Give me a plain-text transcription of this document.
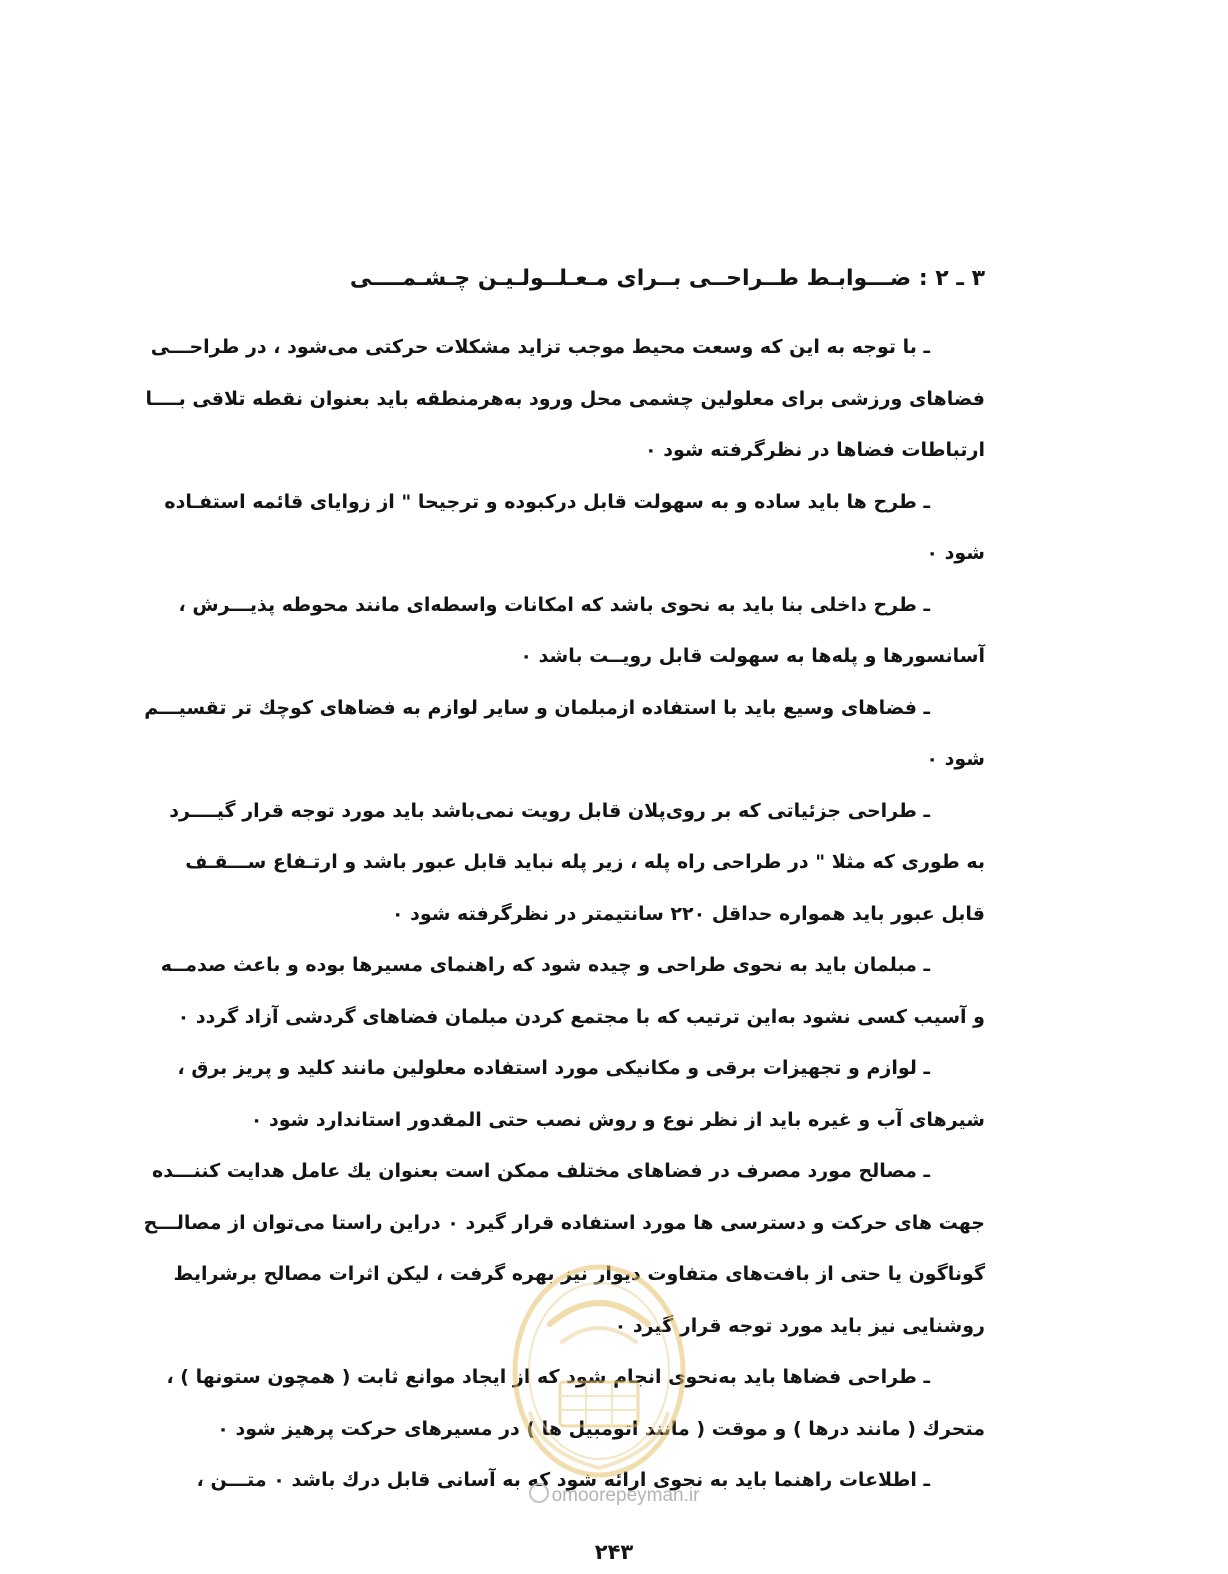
۳ ـ ۲ : ضـــوابـط طــراحــی بــرای مـعـلــولـیـن چـشـمــــی
ـ با توجه به این که وسعت محیط موجب تزاید مشکلات حرکتی می‌شود ، در طراحـــی
فضاهای ورزشی برای معلولین چشمی محل ورود به‌هرمنطقه باید بعنوان نقطه تلاقی بــــا
ارتباطات فضاها در نظرگرفته شود ۰
ـ طرح ها باید ساده و به سهولت قابل درکبوده و ترجیحا " از زوایای قائمه استفـاده
شود ۰
ـ طرح داخلی بنا باید به نحوی باشد که امکانات واسطه‌ای مانند محوطه پذیـــرش ،
آسانسورها و پله‌ها به سهولت قابل رویــت باشد ۰
ـ فضاهای وسیع باید با استفاده ازمبلمان و سایر لوازم به فضاهای کوچك تر تقسیـــم
شود ۰
ـ طراحی جزئیاتی که بر روی‌پلان قابل رویت نمی‌باشد باید مورد توجه قرار گیــــرد
به طوری که مثلا " در طراحی راه پله ، زیر پله نباید قابل عبور باشد و ارتـفاع ســـقـف
قابل عبور باید همواره حداقل ۲۲۰ سانتیمتر در نظرگرفته شود ۰
ـ مبلمان باید به نحوی طراحی و چیده شود که راهنمای مسیرها بوده و باعث صدمــه
و آسیب کسی نشود به‌این ترتیب که با مجتمع کردن مبلمان فضاهای گردشی آزاد گردد ۰
ـ لوازم و تجهیزات برقی و مکانیکی مورد استفاده معلولین مانند کلید و پریز برق ،
شیرهای آب و غیره باید از نظر نوع و روش نصب حتی المقدور استاندارد شود ۰
ـ مصالح مورد مصرف در فضاهای مختلف ممکن است بعنوان یك عامل هدایت کننـــده
جهت های حرکت و دسترسی ها مورد استفاده قرار گیرد ۰ دراین راستا می‌توان از مصالـــح
گوناگون یا حتی از بافت‌های متفاوت دیوار نیز بهره گرفت ، لیکن اثرات مصالح برشرایط
روشنایی نیز باید مورد توجه قرار گیرد ۰
ـ طراحی فضاها باید به‌نحوی انجام شود که از ایجاد موانع ثابت ( همچون ستونها ) ،
متحرك ( مانند درها ) و موقت ( مانند اتومبیل ها ) در مسیرهای حرکت پرهیز شود ۰
ـ اطلاعات راهنما باید به نحوی ارائه شود که به آسانی قابل درك باشد ۰ متـــن ،
omoorepeyman.ir
۲۴۳
